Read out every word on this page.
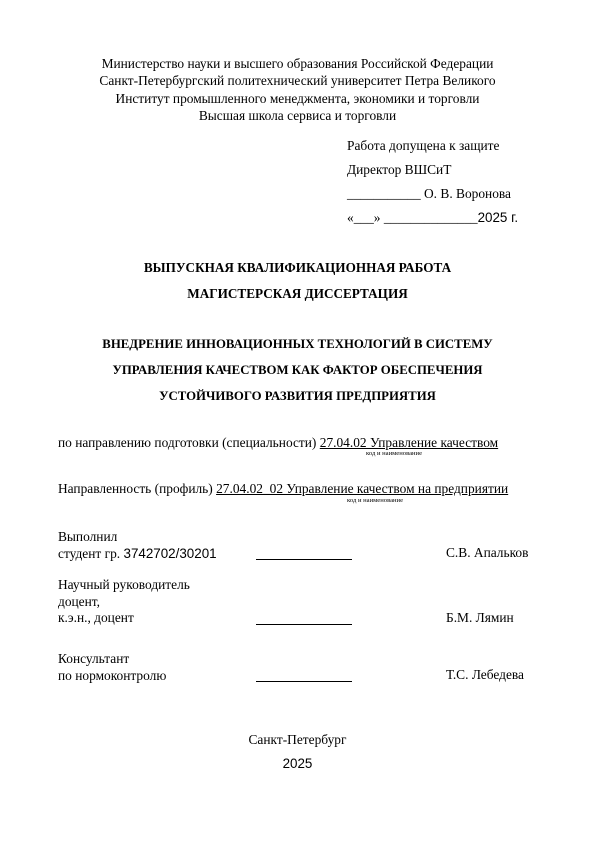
Министерство науки и высшего образования Российской Федерации
Санкт-Петербургский политехнический университет Петра Великого
Институт промышленного менеджмента, экономики и торговли
Высшая школа сервиса и торговли
Работа допущена к защите
Директор ВШСиТ
___________ О. В. Воронова
«___» ______________2025 г.
ВЫПУСКНАЯ КВАЛИФИКАЦИОННАЯ РАБОТА
МАГИСТЕРСКАЯ ДИССЕРТАЦИЯ
ВНЕДРЕНИЕ ИННОВАЦИОННЫХ ТЕХНОЛОГИЙ В СИСТЕМУ
УПРАВЛЕНИЯ КАЧЕСТВОМ КАК ФАКТОР ОБЕСПЕЧЕНИЯ
УСТОЙЧИВОГО РАЗВИТИЯ ПРЕДПРИЯТИЯ
по направлению подготовки (специальности) 27.04.02 Управление качеством
код и наименование
Направленность (профиль) 27.04.02_02 Управление качеством на предприятии
код и наименование
Выполнил
студент гр. 3742702/30201	С.В. Апальков
Научный руководитель
доцент,
к.э.н., доцент	Б.М. Лямин
Консультант
по нормоконтролю	Т.С. Лебедева
Санкт-Петербург
2025
